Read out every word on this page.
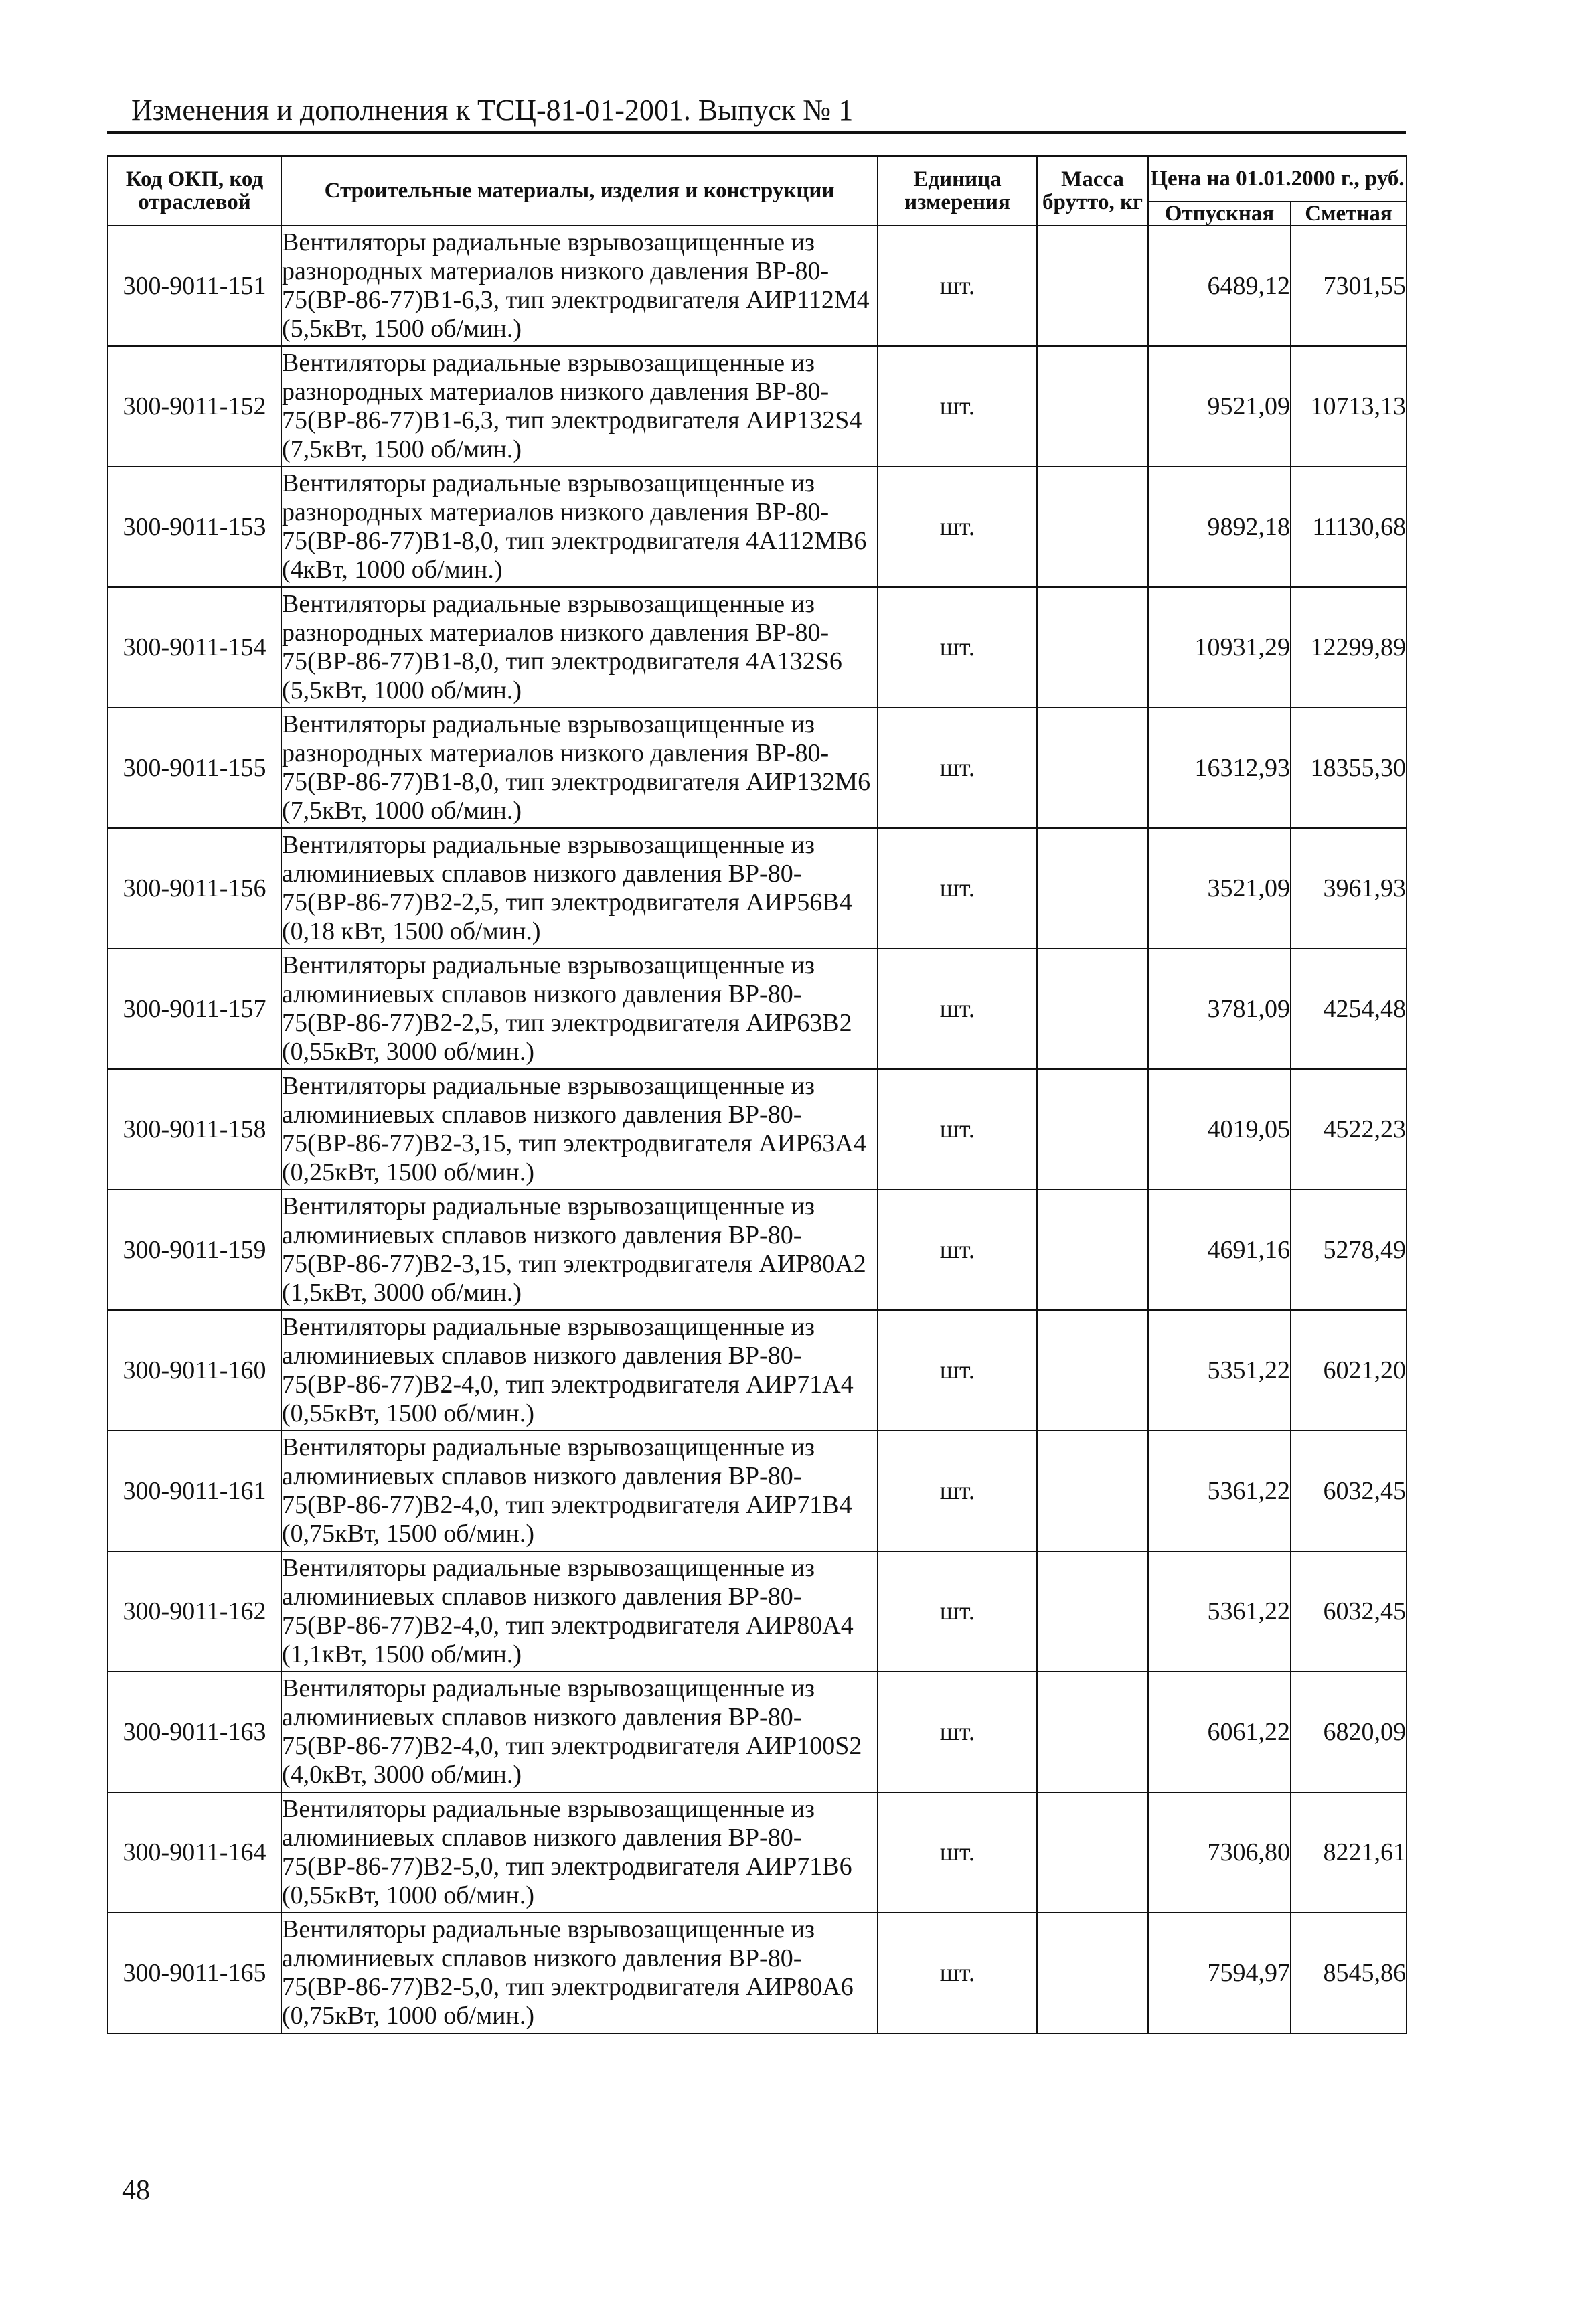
Изменения и дополнения к ТСЦ-81-01-2001. Выпуск № 1
Код ОКП, код отраслевой	Строительные материалы, изделия и конструкции	Единица измерения	Масса брутто, кг	Цена на 01.01.2000 г., руб.	
				Отпускная	Сметная
300-9011-151	Вентиляторы радиальные взрывозащищенные из разнородных материалов низкого давления ВР-80-75(ВР-86-77)В1-6,3, тип электродвигателя АИР112М4 (5,5кВт, 1500 об/мин.)	шт.		6489,12	7301,55
300-9011-152	Вентиляторы радиальные взрывозащищенные из разнородных материалов низкого давления ВР-80-75(ВР-86-77)В1-6,3, тип электродвигателя АИР132S4 (7,5кВт, 1500 об/мин.)	шт.		9521,09	10713,13
300-9011-153	Вентиляторы радиальные взрывозащищенные из разнородных материалов низкого давления ВР-80-75(ВР-86-77)В1-8,0, тип электродвигателя 4А112МВ6 (4кВт, 1000 об/мин.)	шт.		9892,18	11130,68
300-9011-154	Вентиляторы радиальные взрывозащищенные из разнородных материалов низкого давления ВР-80-75(ВР-86-77)В1-8,0, тип электродвигателя 4А132S6 (5,5кВт, 1000 об/мин.)	шт.		10931,29	12299,89
300-9011-155	Вентиляторы радиальные взрывозащищенные из разнородных материалов низкого давления ВР-80-75(ВР-86-77)В1-8,0, тип электродвигателя АИР132М6 (7,5кВт, 1000 об/мин.)	шт.		16312,93	18355,30
300-9011-156	Вентиляторы радиальные взрывозащищенные из алюминиевых сплавов низкого давления ВР-80-75(ВР-86-77)В2-2,5, тип электродвигателя АИР56В4 (0,18 кВт, 1500 об/мин.)	шт.		3521,09	3961,93
300-9011-157	Вентиляторы радиальные взрывозащищенные из алюминиевых сплавов низкого давления ВР-80-75(ВР-86-77)В2-2,5, тип электродвигателя АИР63В2 (0,55кВт, 3000 об/мин.)	шт.		3781,09	4254,48
300-9011-158	Вентиляторы радиальные взрывозащищенные из алюминиевых сплавов низкого давления ВР-80-75(ВР-86-77)В2-3,15, тип электродвигателя АИР63А4 (0,25кВт, 1500 об/мин.)	шт.		4019,05	4522,23
300-9011-159	Вентиляторы радиальные взрывозащищенные из алюминиевых сплавов низкого давления ВР-80-75(ВР-86-77)В2-3,15, тип электродвигателя АИР80А2 (1,5кВт, 3000 об/мин.)	шт.		4691,16	5278,49
300-9011-160	Вентиляторы радиальные взрывозащищенные из алюминиевых сплавов низкого давления ВР-80-75(ВР-86-77)В2-4,0, тип электродвигателя АИР71А4 (0,55кВт, 1500 об/мин.)	шт.		5351,22	6021,20
300-9011-161	Вентиляторы радиальные взрывозащищенные из алюминиевых сплавов низкого давления ВР-80-75(ВР-86-77)В2-4,0, тип электродвигателя АИР71В4 (0,75кВт, 1500 об/мин.)	шт.		5361,22	6032,45
300-9011-162	Вентиляторы радиальные взрывозащищенные из алюминиевых сплавов низкого давления ВР-80-75(ВР-86-77)В2-4,0, тип электродвигателя АИР80А4 (1,1кВт, 1500 об/мин.)	шт.		5361,22	6032,45
300-9011-163	Вентиляторы радиальные взрывозащищенные из алюминиевых сплавов низкого давления ВР-80-75(ВР-86-77)В2-4,0, тип электродвигателя АИР100S2 (4,0кВт, 3000 об/мин.)	шт.		6061,22	6820,09
300-9011-164	Вентиляторы радиальные взрывозащищенные из алюминиевых сплавов низкого давления ВР-80-75(ВР-86-77)В2-5,0, тип электродвигателя АИР71В6 (0,55кВт, 1000 об/мин.)	шт.		7306,80	8221,61
300-9011-165	Вентиляторы радиальные взрывозащищенные из алюминиевых сплавов низкого давления ВР-80-75(ВР-86-77)В2-5,0, тип электродвигателя АИР80А6 (0,75кВт, 1000 об/мин.)	шт.		7594,97	8545,86
48
